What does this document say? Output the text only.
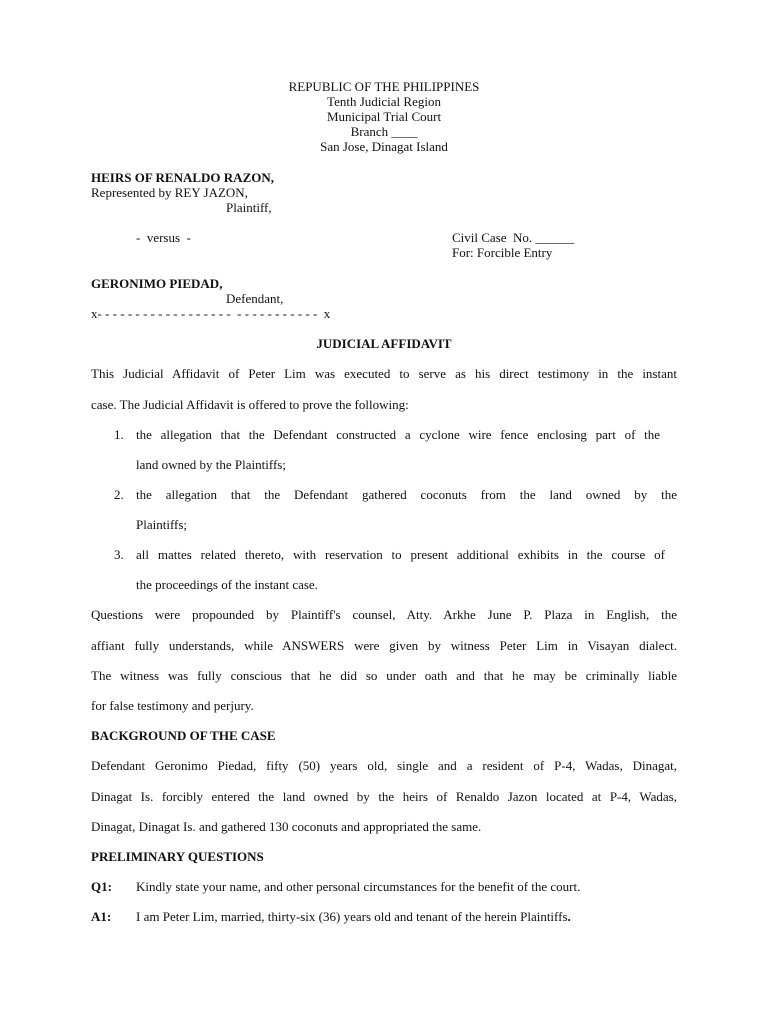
REPUBLIC OF THE PHILIPPINES
Tenth Judicial Region
Municipal Trial Court
Branch ____
San Jose, Dinagat Island
HEIRS OF RENALDO RAZON,
Represented by REY JAZON,
Plaintiff,
-  versus  -	Civil Case  No. ______
For: Forcible Entry
GERONIMO PIEDAD,
Defendant,
x- - - - - - - - - - - - - - - - - -  - - - - - - - - - - -  x
JUDICIAL AFFIDAVIT
This Judicial Affidavit of Peter Lim was executed to serve as his direct testimony in the instant
case. The Judicial Affidavit is offered to prove the following:
1. the allegation that the Defendant constructed a cyclone wire fence enclosing part of the
land owned by the Plaintiffs;
2. the allegation that the Defendant gathered coconuts from the land owned by the
Plaintiffs;
3. all mattes related thereto, with reservation to present additional exhibits in the course of
the proceedings of the instant case.
Questions were propounded by Plaintiff's counsel, Atty. Arkhe June P. Plaza in English, the
affiant fully understands, while ANSWERS were given by witness Peter Lim in Visayan dialect.
The witness was fully conscious that he did so under oath and that he may be criminally liable
for false testimony and perjury.
BACKGROUND OF THE CASE
Defendant Geronimo Piedad, fifty (50) years old, single and a resident of P-4, Wadas, Dinagat,
Dinagat Is. forcibly entered the land owned by the heirs of Renaldo Jazon located at P-4, Wadas,
Dinagat, Dinagat Is. and gathered 130 coconuts and appropriated the same.
PRELIMINARY QUESTIONS
Q1: Kindly state your name, and other personal circumstances for the benefit of the court.
A1: I am Peter Lim, married, thirty-six (36) years old and tenant of the herein Plaintiffs.
